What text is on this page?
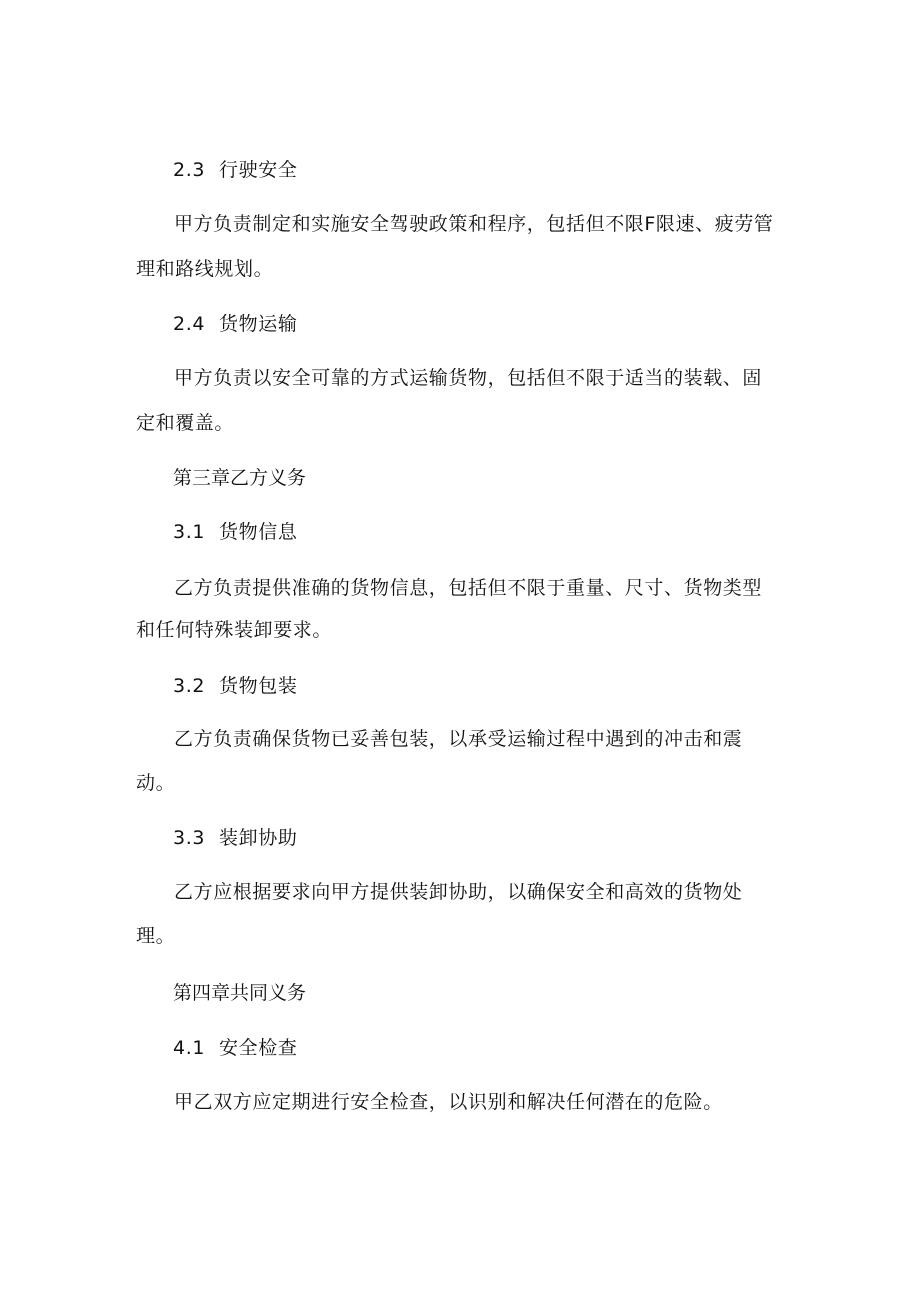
2.3 行驶安全
甲方负责制定和实施安全驾驶政策和程序，包括但不限F限速、疲劳管
理和路线规划。
2.4 货物运输
甲方负责以安全可靠的方式运输货物，包括但不限于适当的装载、固
定和覆盖。
第三章乙方义务
3.1 货物信息
乙方负责提供准确的货物信息，包括但不限于重量、尺寸、货物类型
和任何特殊装卸要求。
3.2 货物包装
乙方负责确保货物已妥善包装，以承受运输过程中遇到的冲击和震
动。
3.3 装卸协助
乙方应根据要求向甲方提供装卸协助，以确保安全和高效的货物处
理。
第四章共同义务
4.1 安全检查
甲乙双方应定期进行安全检查，以识别和解决任何潜在的危险。
